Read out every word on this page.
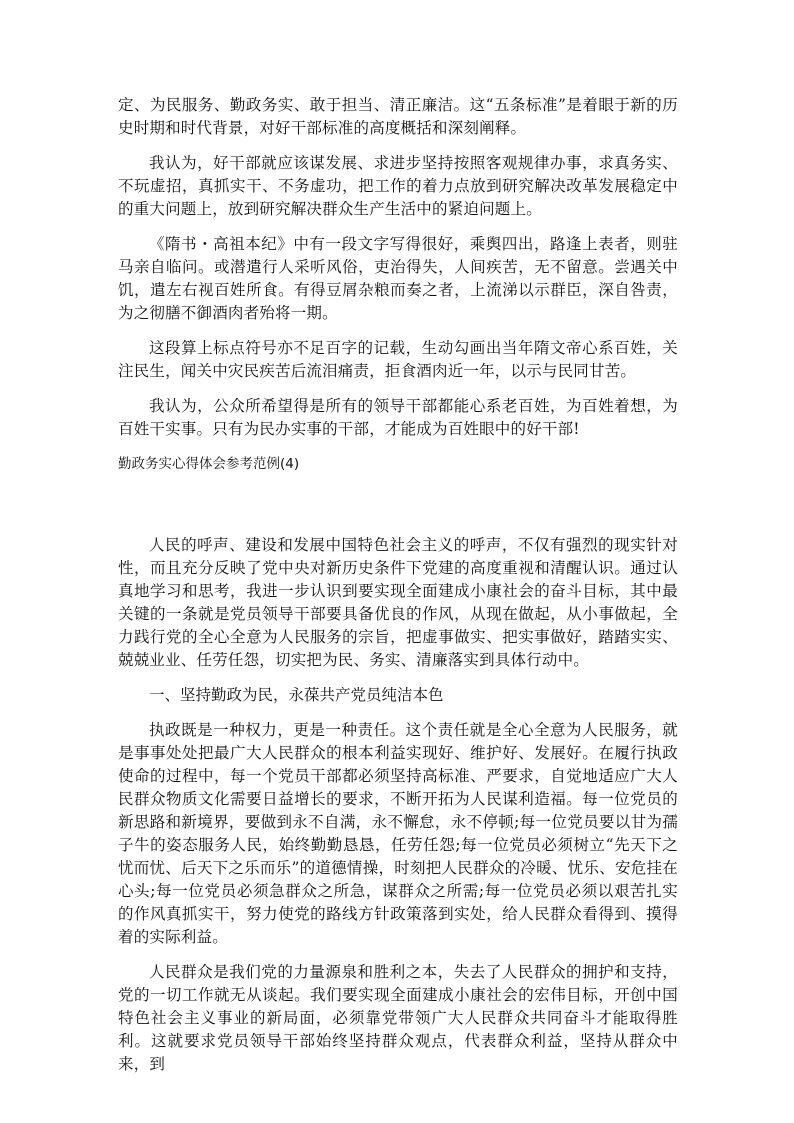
定、为民服务、勤政务实、敢于担当、清正廉洁。这“五条标准”是着眼于新的历史时期和时代背景，对好干部标准的高度概括和深刻阐释。

我认为，好干部就应该谋发展、求进步坚持按照客观规律办事，求真务实、不玩虚招，真抓实干、不务虚功，把工作的着力点放到研究解决改革发展稳定中的重大问题上，放到研究解决群众生产生活中的紧迫问题上。

《隋书・高祖本纪》中有一段文字写得很好，乘舆四出，路逢上表者，则驻马亲自临问。或潜遣行人采听风俗，吏治得失，人间疾苦，无不留意。尝遇关中饥，遣左右视百姓所食。有得豆屑杂粮而奏之者，上流涕以示群臣，深自咎责，为之彻膳不御酒肉者殆将一期。

这段算上标点符号亦不足百字的记载，生动勾画出当年隋文帝心系百姓，关注民生，闻关中灾民疾苦后流泪痛责，拒食酒肉近一年，以示与民同甘苦。

我认为，公众所希望得是所有的领导干部都能心系老百姓，为百姓着想，为百姓干实事。只有为民办实事的干部，才能成为百姓眼中的好干部!

勤政务实心得体会参考范例(4)

人民的呼声、建设和发展中国特色社会主义的呼声，不仅有强烈的现实针对性，而且充分反映了党中央对新历史条件下党建的高度重视和清醒认识。通过认真地学习和思考，我进一步认识到要实现全面建成小康社会的奋斗目标，其中最关键的一条就是党员领导干部要具备优良的作风，从现在做起，从小事做起，全力践行党的全心全意为人民服务的宗旨，把虚事做实、把实事做好，踏踏实实、兢兢业业、任劳任怨，切实把为民、务实、清廉落实到具体行动中。

一、坚持勤政为民，永葆共产党员纯洁本色

执政既是一种权力，更是一种责任。这个责任就是全心全意为人民服务，就是事事处处把最广大人民群众的根本利益实现好、维护好、发展好。在履行执政使命的过程中，每一个党员干部都必须坚持高标准、严要求，自觉地适应广大人民群众物质文化需要日益增长的要求，不断开拓为人民谋利造福。每一位党员的新思路和新境界，要做到永不自满，永不懈怠，永不停顿;每一位党员要以甘为孺子牛的姿态服务人民，始终勤勤恳恳，任劳任怨;每一位党员必须树立“先天下之忧而忧、后天下之乐而乐”的道德情操，时刻把人民群众的冷暖、忧乐、安危挂在心头;每一位党员必须急群众之所急，谋群众之所需;每一位党员必须以艰苦扎实的作风真抓实干，努力使党的路线方针政策落到实处，给人民群众看得到、摸得着的实际利益。

人民群众是我们党的力量源泉和胜利之本，失去了人民群众的拥护和支持，党的一切工作就无从谈起。我们要实现全面建成小康社会的宏伟目标，开创中国特色社会主义事业的新局面，必须靠党带领广大人民群众共同奋斗才能取得胜利。这就要求党员领导干部始终坚持群众观点，代表群众利益，坚持从群众中来，到
